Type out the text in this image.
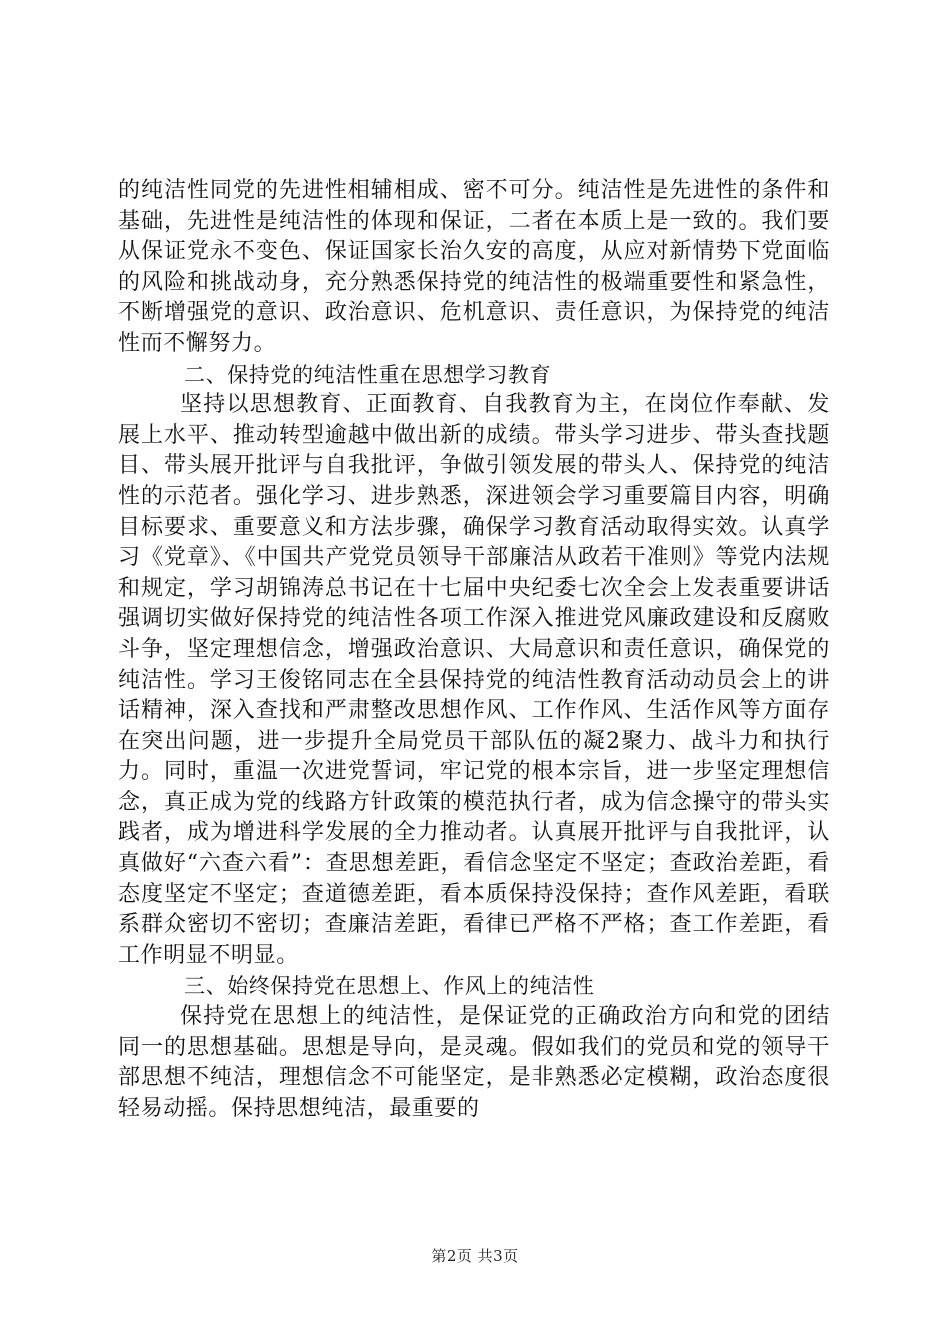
的纯洁性同党的先进性相辅相成、密不可分。纯洁性是先进性的条件和基础，先进性是纯洁性的体现和保证，二者在本质上是一致的。我们要从保证党永不变色、保证国家长治久安的高度，从应对新情势下党面临的风险和挑战动身，充分熟悉保持党的纯洁性的极端重要性和紧急性，不断增强党的意识、政治意识、危机意识、责任意识，为保持党的纯洁性而不懈努力。

二、保持党的纯洁性重在思想学习教育

坚持以思想教育、正面教育、自我教育为主，在岗位作奉献、发展上水平、推动转型逾越中做出新的成绩。带头学习进步、带头查找题目、带头展开批评与自我批评，争做引领发展的带头人、保持党的纯洁性的示范者。强化学习、进步熟悉，深进领会学习重要篇目内容，明确目标要求、重要意义和方法步骤，确保学习教育活动取得实效。认真学习《党章》、《中国共产党党员领导干部廉洁从政若干准则》等党内法规和规定，学习胡锦涛总书记在十七届中央纪委七次全会上发表重要讲话强调切实做好保持党的纯洁性各项工作深入推进党风廉政建设和反腐败斗争，坚定理想信念，增强政治意识、大局意识和责任意识，确保党的纯洁性。学习王俊铭同志在全县保持党的纯洁性教育活动动员会上的讲话精神，深入查找和严肃整改思想作风、工作作风、生活作风等方面存在突出问题，进一步提升全局党员干部队伍的凝2聚力、战斗力和执行力。同时，重温一次进党誓词，牢记党的根本宗旨，进一步坚定理想信念，真正成为党的线路方针政策的模范执行者，成为信念操守的带头实践者，成为增进科学发展的全力推动者。认真展开批评与自我批评，认真做好“六查六看”：查思想差距，看信念坚定不坚定；查政治差距，看态度坚定不坚定；查道德差距，看本质保持没保持；查作风差距，看联系群众密切不密切；查廉洁差距，看律已严格不严格；查工作差距，看工作明显不明显。

三、始终保持党在思想上、作风上的纯洁性

保持党在思想上的纯洁性，是保证党的正确政治方向和党的团结同一的思想基础。思想是导向，是灵魂。假如我们的党员和党的领导干部思想不纯洁，理想信念不可能坚定，是非熟悉必定模糊，政治态度很轻易动摇。保持思想纯洁，最重要的

第2页 共3页
